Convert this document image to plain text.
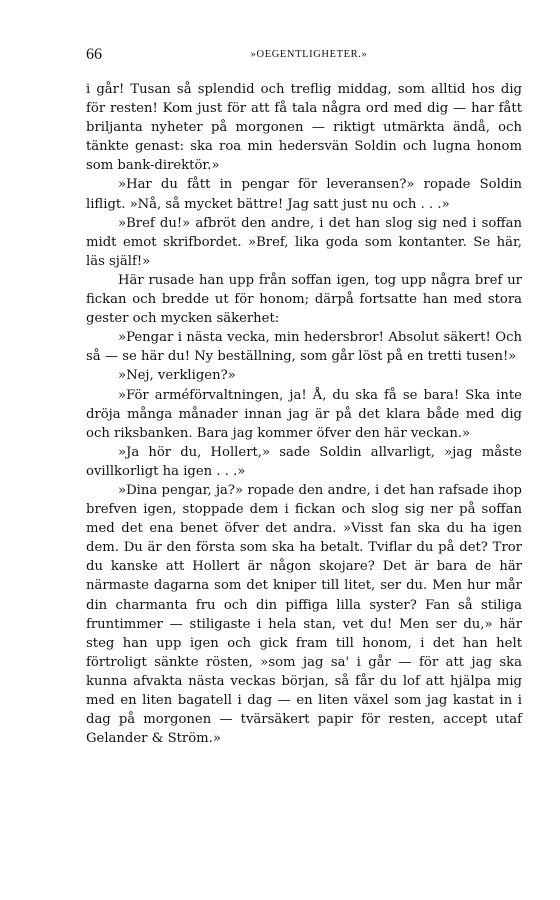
66	»OEGENTLIGHETER.»

i går! Tusan så splendid och treflig middag, som alltid hos dig för resten! Kom just för att få tala några ord med dig — har fått briljanta nyheter på morgonen — riktigt utmärkta ändå, och tänkte genast: ska roa min hedersvän Soldin och lugna honom som bank-direktör.»

»Har du fått in pengar för leveransen?» ropade Soldin lifligt. »Nå, så mycket bättre! Jag satt just nu och . . .»

»Bref du!» afbröt den andre, i det han slog sig ned i soffan midt emot skrifbordet. »Bref, lika goda som kontanter. Se här, läs själf!»

Här rusade han upp från soffan igen, tog upp några bref ur fickan och bredde ut för honom; därpå fortsatte han med stora gester och mycken säkerhet:

»Pengar i nästa vecka, min hedersbror! Absolut säkert! Och så — se här du! Ny beställning, som går löst på en tretti tusen!»

»Nej, verkligen?»

»För arméförvaltningen, ja! Å, du ska få se bara! Ska inte dröja många månader innan jag är på det klara både med dig och riksbanken. Bara jag kommer öfver den här veckan.»

»Ja hör du, Hollert,» sade Soldin allvarligt, »jag måste ovillkorligt ha igen . . .»

»Dina pengar, ja?» ropade den andre, i det han rafsade ihop brefven igen, stoppade dem i fickan och slog sig ner på soffan med det ena benet öfver det andra. »Visst fan ska du ha igen dem. Du är den första som ska ha betalt. Tviflar du på det? Tror du kanske att Hollert är någon skojare? Det är bara de här närmaste dagarna som det kniper till litet, ser du. Men hur mår din charmanta fru och din piffiga lilla syster? Fan så stiliga fruntimmer — stiligaste i hela stan, vet du! Men ser du,» här steg han upp igen och gick fram till honom, i det han helt förtroligt sänkte rösten, »som jag sa' i går — för att jag ska kunna afvakta nästa veckas början, så får du lof att hjälpa mig med en liten bagatell i dag — en liten växel som jag kastat in i dag på morgonen — tvärsäkert papir för resten, accept utaf Gelander & Ström.»
